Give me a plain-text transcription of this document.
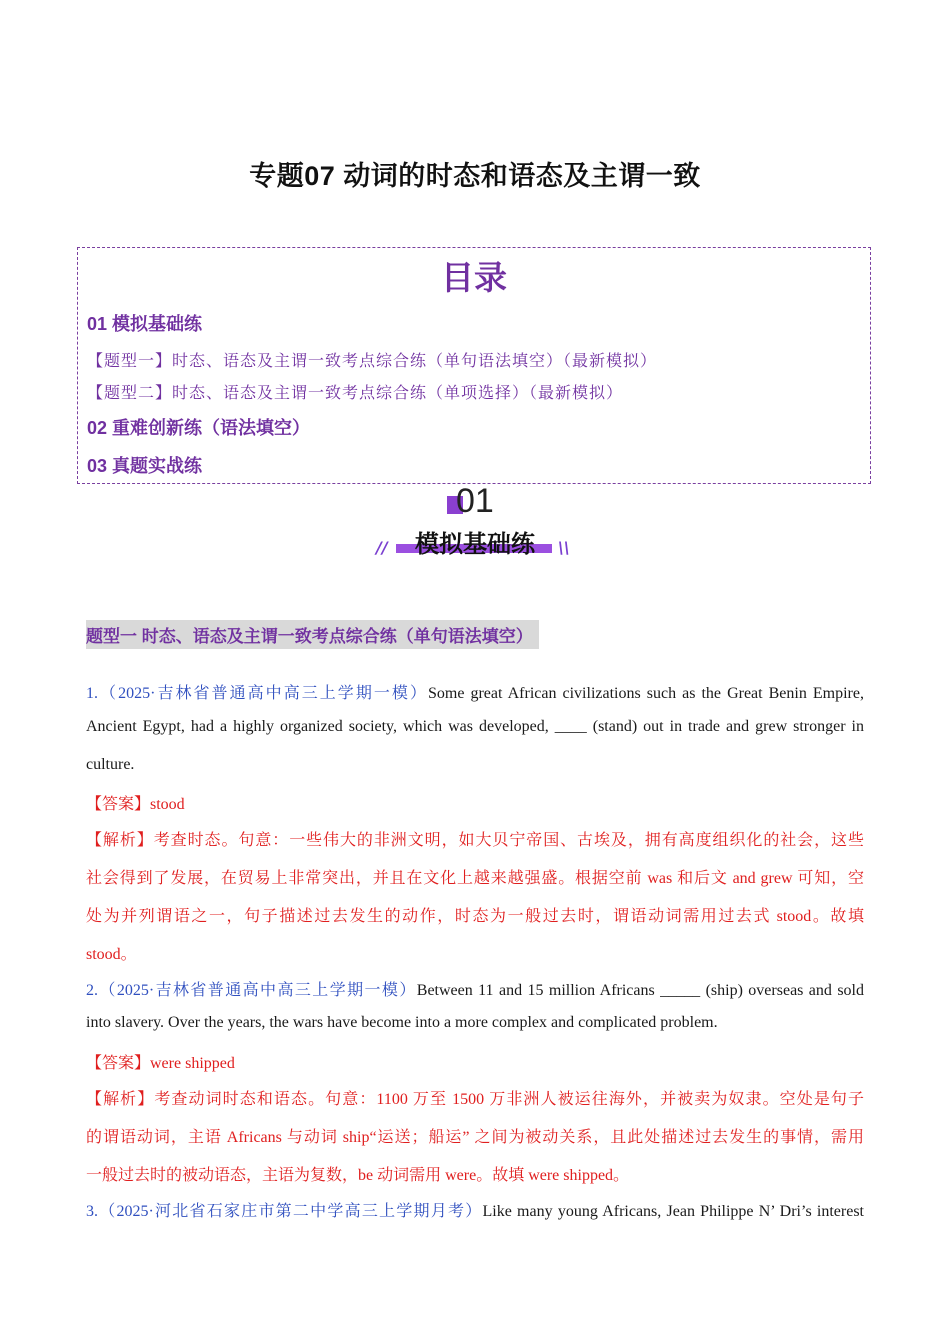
专题07 动词的时态和语态及主谓一致
目录
01 模拟基础练
【题型一】时态、语态及主谓一致考点综合练（单句语法填空）（最新模拟）
【题型二】时态、语态及主谓一致考点综合练（单项选择）（最新模拟）
02 重难创新练（语法填空）
03 真题实战练
01
模拟基础练
//	\\
题型一 时态、语态及主谓一致考点综合练（单句语法填空）
1.（2025·吉林省普通高中高三上学期一模）Some great African civilizations such as the Great Benin Empire,
Ancient Egypt, had a highly organized society, which was developed, ____ (stand) out in trade and grew stronger in
culture.
【答案】stood
【解析】考查时态。句意：一些伟大的非洲文明，如大贝宁帝国、古埃及，拥有高度组织化的社会，这些
社会得到了发展，在贸易上非常突出，并且在文化上越来越强盛。根据空前 was 和后文 and grew 可知，空
处为并列谓语之一，句子描述过去发生的动作，时态为一般过去时，谓语动词需用过去式 stood。故填
stood。
2.（2025·吉林省普通高中高三上学期一模）Between 11 and 15 million Africans _____ (ship) overseas and sold
into slavery. Over the years, the wars have become into a more complex and complicated problem.
【答案】were shipped
【解析】考查动词时态和语态。句意：1100 万至 1500 万非洲人被运往海外，并被卖为奴隶。空处是句子
的谓语动词，主语 Africans 与动词 ship“运送；船运” 之间为被动关系，且此处描述过去发生的事情，需用
一般过去时的被动语态，主语为复数，be 动词需用 were。故填 were shipped。
3.（2025·河北省石家庄市第二中学高三上学期月考）Like many young Africans, Jean Philippe N’ Dri’s interest
